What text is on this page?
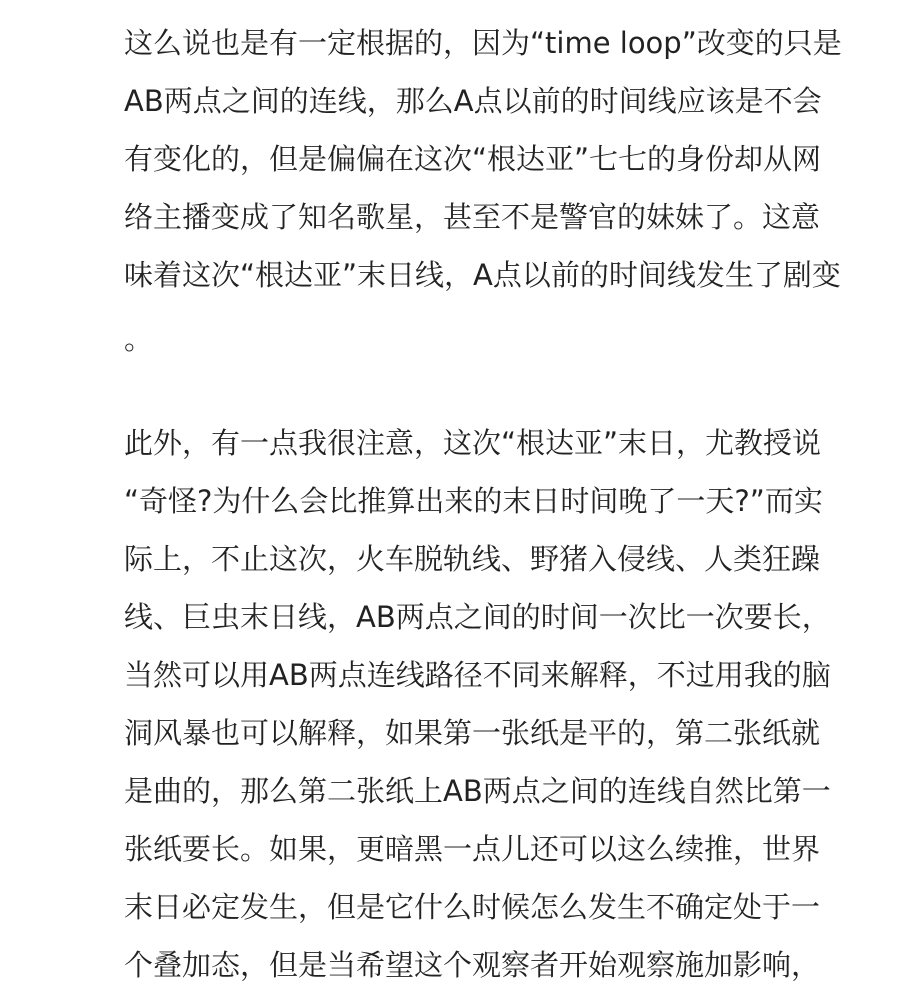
这么说也是有一定根据的，因为“time loop”改变的只是
AB两点之间的连线，那么A点以前的时间线应该是不会
有变化的，但是偏偏在这次“根达亚”七七的身份却从网
络主播变成了知名歌星，甚至不是警官的妹妹了。这意
味着这次“根达亚”末日线，A点以前的时间线发生了剧变
。
此外，有一点我很注意，这次“根达亚”末日，尤教授说
“奇怪?为什么会比推算出来的末日时间晚了一天?”而实
际上，不止这次，火车脱轨线、野猪入侵线、人类狂躁
线、巨虫末日线，AB两点之间的时间一次比一次要长，
当然可以用AB两点连线路径不同来解释，不过用我的脑
洞风暴也可以解释，如果第一张纸是平的，第二张纸就
是曲的，那么第二张纸上AB两点之间的连线自然比第一
张纸要长。如果，更暗黑一点儿还可以这么续推，世界
末日必定发生，但是它什么时候怎么发生不确定处于一
个叠加态，但是当希望这个观察者开始观察施加影响，
